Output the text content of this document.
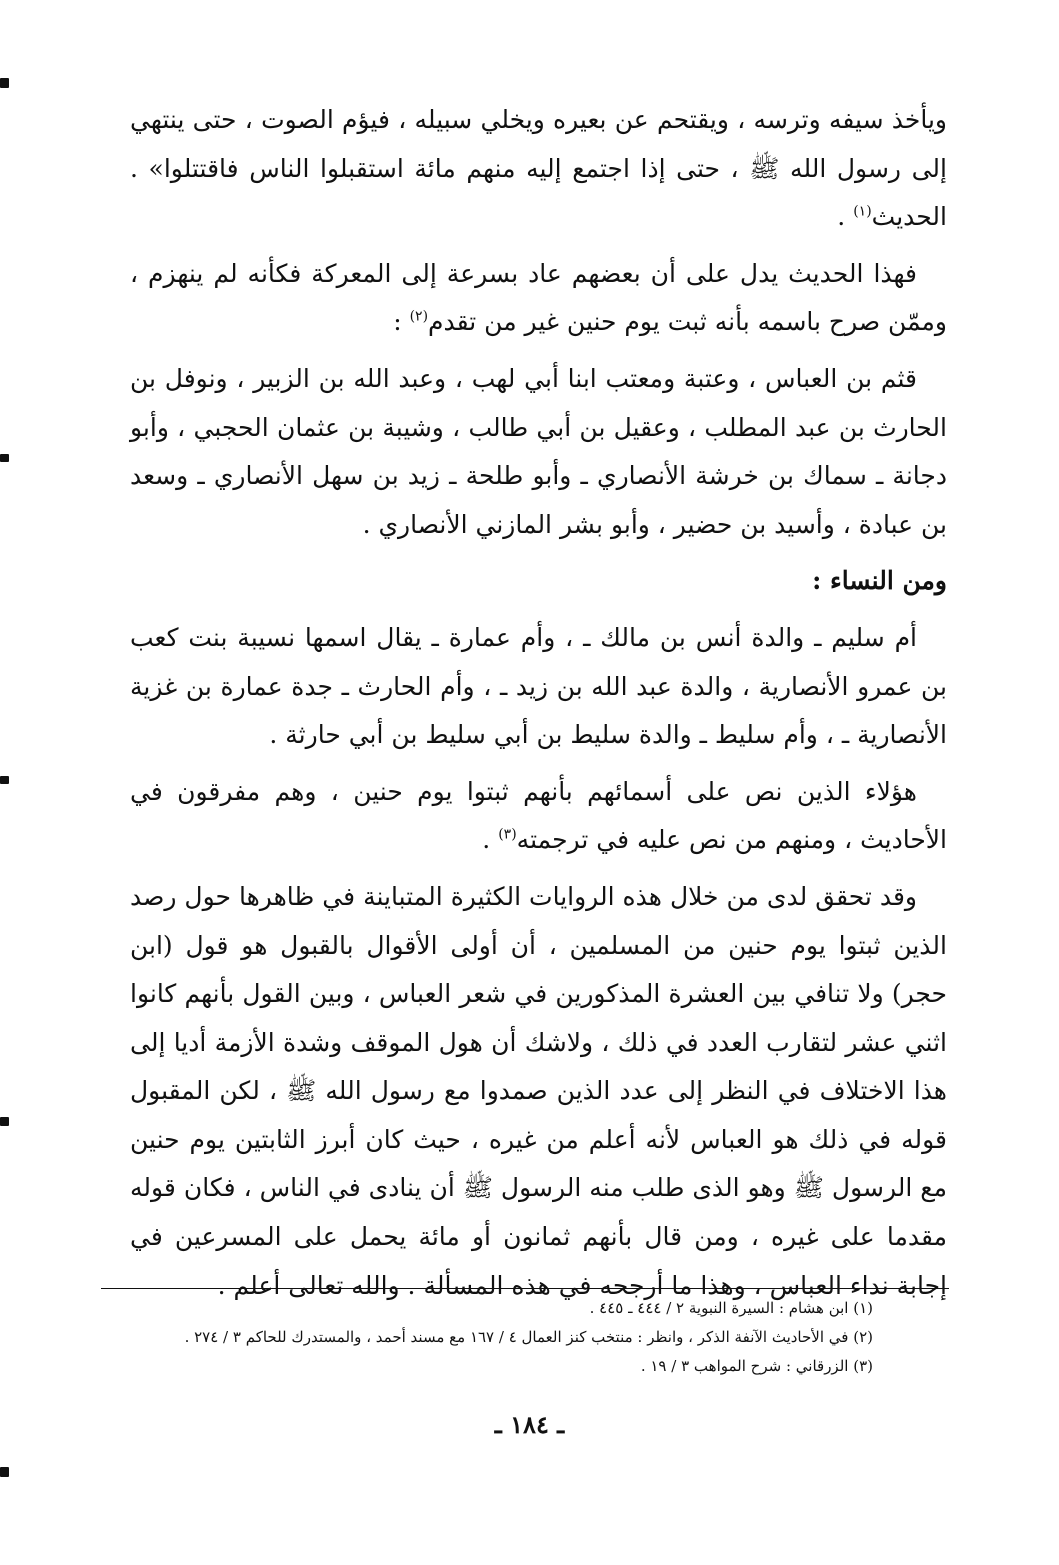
ويأخذ سيفه وترسه ، ويقتحم عن بعيره ويخلي سبيله ، فيؤم الصوت ، حتى ينتهي إلى رسول الله ﷺ ، حتى إذا اجتمع إليه منهم مائة استقبلوا الناس فاقتتلوا» . الحديث$^{(١)}$ .

فهذا الحديث يدل على أن بعضهم عاد بسرعة إلى المعركة فكأنه لم ينهزم ، وممّن صرح باسمه بأنه ثبت يوم حنين غير من تقدم$^{(٢)}$ :

قثم بن العباس ، وعتبة ومعتب ابنا أبي لهب ، وعبد الله بن الزبير ، ونوفل بن الحارث بن عبد المطلب ، وعقيل بن أبي طالب ، وشيبة بن عثمان الحجبي ، وأبو دجانة ـ سماك بن خرشة الأنصاري ـ وأبو طلحة ـ زيد بن سهل الأنصاري ـ وسعد بن عبادة ، وأسيد بن حضير ، وأبو بشر المازني الأنصاري .

ومن النساء :

أم سليم ـ والدة أنس بن مالك ـ ، وأم عمارة ـ يقال اسمها نسيبة بنت كعب بن عمرو الأنصارية ، والدة عبد الله بن زيد ـ ، وأم الحارث ـ جدة عمارة بن غزية الأنصارية ـ ، وأم سليط ـ والدة سليط بن أبي سليط بن أبي حارثة .

هؤلاء الذين نص على أسمائهم بأنهم ثبتوا يوم حنين ، وهم مفرقون في الأحاديث ، ومنهم من نص عليه في ترجمته$^{(٣)}$ .

وقد تحقق لدى من خلال هذه الروايات الكثيرة المتباينة في ظاهرها حول رصد الذين ثبتوا يوم حنين من المسلمين ، أن أولى الأقوال بالقبول هو قول (ابن حجر) ولا تنافي بين العشرة المذكورين في شعر العباس ، وبين القول بأنهم كانوا اثني عشر لتقارب العدد في ذلك ، ولاشك أن هول الموقف وشدة الأزمة أديا إلى هذا الاختلاف في النظر إلى عدد الذين صمدوا مع رسول الله ﷺ ، لكن المقبول قوله في ذلك هو العباس لأنه أعلم من غيره ، حيث كان أبرز الثابتين يوم حنين مع الرسول ﷺ وهو الذى طلب منه الرسول ﷺ أن ينادى في الناس ، فكان قوله مقدما على غيره ، ومن قال بأنهم ثمانون أو مائة يحمل على المسرعين في إجابة نداء العباس ، وهذا ما أرجحه في هذه المسألة . والله تعالى أعلم .

(١) ابن هشام : السيرة النبوية ٢ / ٤٤٤ ـ ٤٤٥ .

(٢) في الأحاديث الآنفة الذكر ، وانظر : منتخب كنز العمال ٤ / ١٦٧ مع مسند أحمد ، والمستدرك للحاكم ٣ / ٢٧٤ .

(٣) الزرقاني : شرح المواهب ٣ / ١٩ .

ـ ١٨٤ ـ
